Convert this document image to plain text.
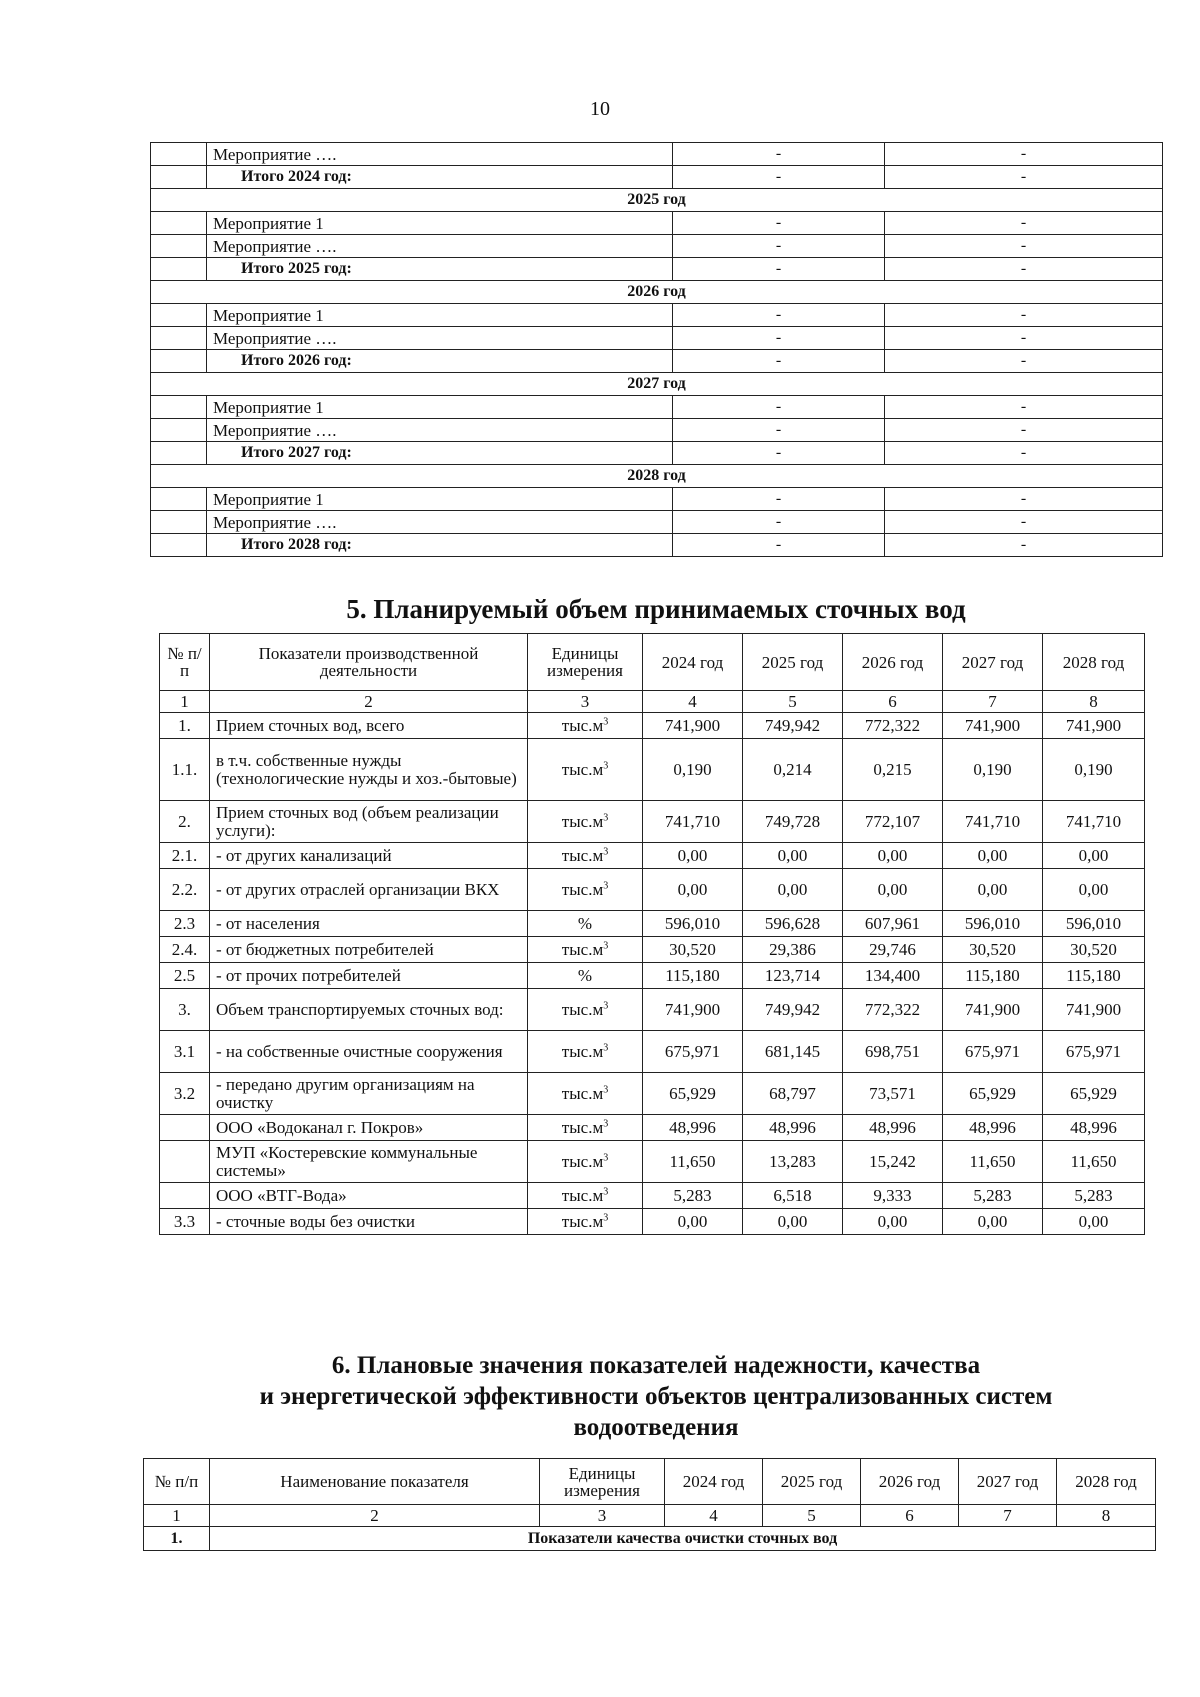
10
	Мероприятие ….	-	-
	Итого 2024 год:	-	-
2025 год			
	Мероприятие 1	-	-
	Мероприятие ….	-	-
	Итого 2025 год:	-	-
2026 год			
	Мероприятие 1	-	-
	Мероприятие ….	-	-
	Итого 2026 год:	-	-
2027 год			
	Мероприятие 1	-	-
	Мероприятие ….	-	-
	Итого 2027 год:	-	-
2028 год			
	Мероприятие 1	-	-
	Мероприятие ….	-	-
	Итого 2028 год:	-	-
5. Планируемый объем принимаемых сточных вод
№ п/п	Показатели производственной деятельности	Единицы измерения	2024 год	2025 год	2026 год	2027 год	2028 год
1	2	3	4	5	6	7	8
1.	Прием сточных вод, всего	$тыс.м^3$	741,900	749,942	772,322	741,900	741,900
1.1.	в т.ч. собственные нужды (технологические нужды и хоз.-бытовые)	$тыс.м^3$	0,190	0,214	0,215	0,190	0,190
2.	Прием сточных вод (объем реализации услуги):	$тыс.м^3$	741,710	749,728	772,107	741,710	741,710
2.1.	- от других канализаций	$тыс.м^3$	0,00	0,00	0,00	0,00	0,00
2.2.	- от других отраслей организации ВКХ	$тыс.м^3$	0,00	0,00	0,00	0,00	0,00
2.3	- от населения	%	596,010	596,628	607,961	596,010	596,010
2.4.	- от бюджетных потребителей	$тыс.м^3$	30,520	29,386	29,746	30,520	30,520
2.5	- от прочих потребителей	%	115,180	123,714	134,400	115,180	115,180
3.	Объем транспортируемых сточных вод:	$тыс.м^3$	741,900	749,942	772,322	741,900	741,900
3.1	- на собственные очистные сооружения	$тыс.м^3$	675,971	681,145	698,751	675,971	675,971
3.2	- передано другим организациям на очистку	$тыс.м^3$	65,929	68,797	73,571	65,929	65,929
	ООО «Водоканал г. Покров»	$тыс.м^3$	48,996	48,996	48,996	48,996	48,996
	МУП «Костеревские коммунальные системы»	$тыс.м^3$	11,650	13,283	15,242	11,650	11,650
	ООО «ВТГ-Вода»	$тыс.м^3$	5,283	6,518	9,333	5,283	5,283
3.3	- сточные воды без очистки	$тыс.м^3$	0,00	0,00	0,00	0,00	0,00
6. Плановые значения показателей надежности, качества
и энергетической эффективности объектов централизованных систем
водоотведения
№ п/п	Наименование показателя	Единицы измерения	2024 год	2025 год	2026 год	2027 год	2028 год
1	2	3	4	5	6	7	8
1.	Показатели качества очистки сточных вод						
